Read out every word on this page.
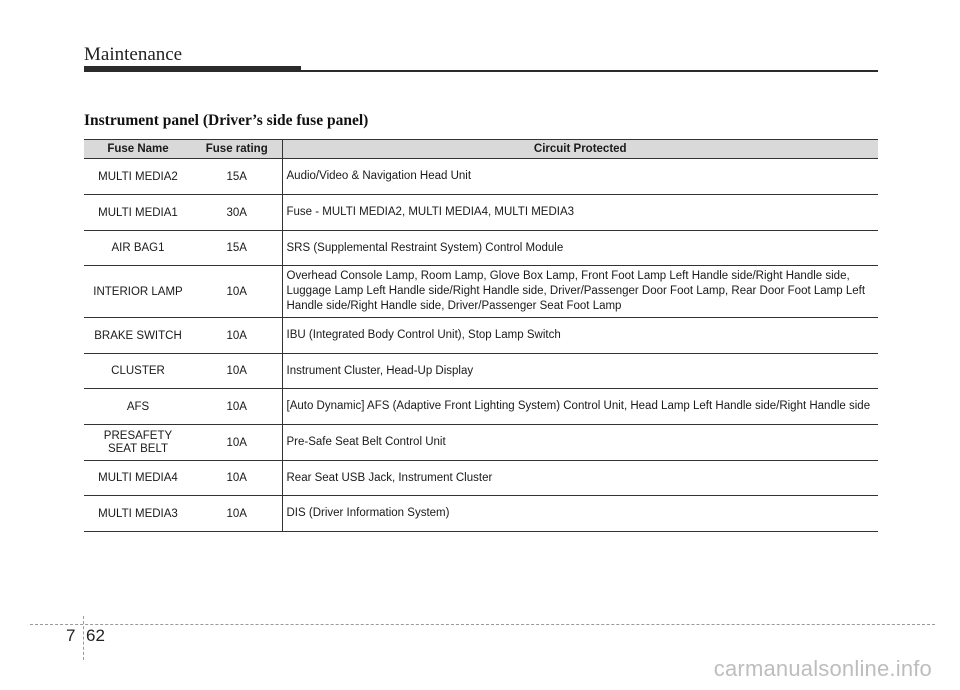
Maintenance
Instrument panel (Driver’s side fuse panel)
Fuse Name	Fuse rating	Circuit Protected
MULTI MEDIA2	15A	Audio/Video & Navigation Head Unit
MULTI MEDIA1	30A	Fuse - MULTI MEDIA2, MULTI MEDIA4, MULTI MEDIA3
AIR BAG1	15A	SRS (Supplemental Restraint System) Control Module
INTERIOR LAMP	10A	Overhead Console Lamp, Room Lamp, Glove Box Lamp, Front Foot Lamp Left Handle side/Right Handle side, Luggage Lamp Left Handle side/Right Handle side, Driver/Passenger Door Foot Lamp, Rear Door Foot Lamp Left Handle side/Right Handle side, Driver/Passenger Seat Foot Lamp
BRAKE SWITCH	10A	IBU (Integrated Body Control Unit), Stop Lamp Switch
CLUSTER	10A	Instrument Cluster, Head-Up Display
AFS	10A	[Auto Dynamic] AFS (Adaptive Front Lighting System) Control Unit, Head Lamp Left Handle side/Right Handle side
PRESAFETY
SEAT BELT	10A	Pre-Safe Seat Belt Control Unit
MULTI MEDIA4	10A	Rear Seat USB Jack, Instrument Cluster
MULTI MEDIA3	10A	DIS (Driver Information System)
7 62
carmanualsonline.info
